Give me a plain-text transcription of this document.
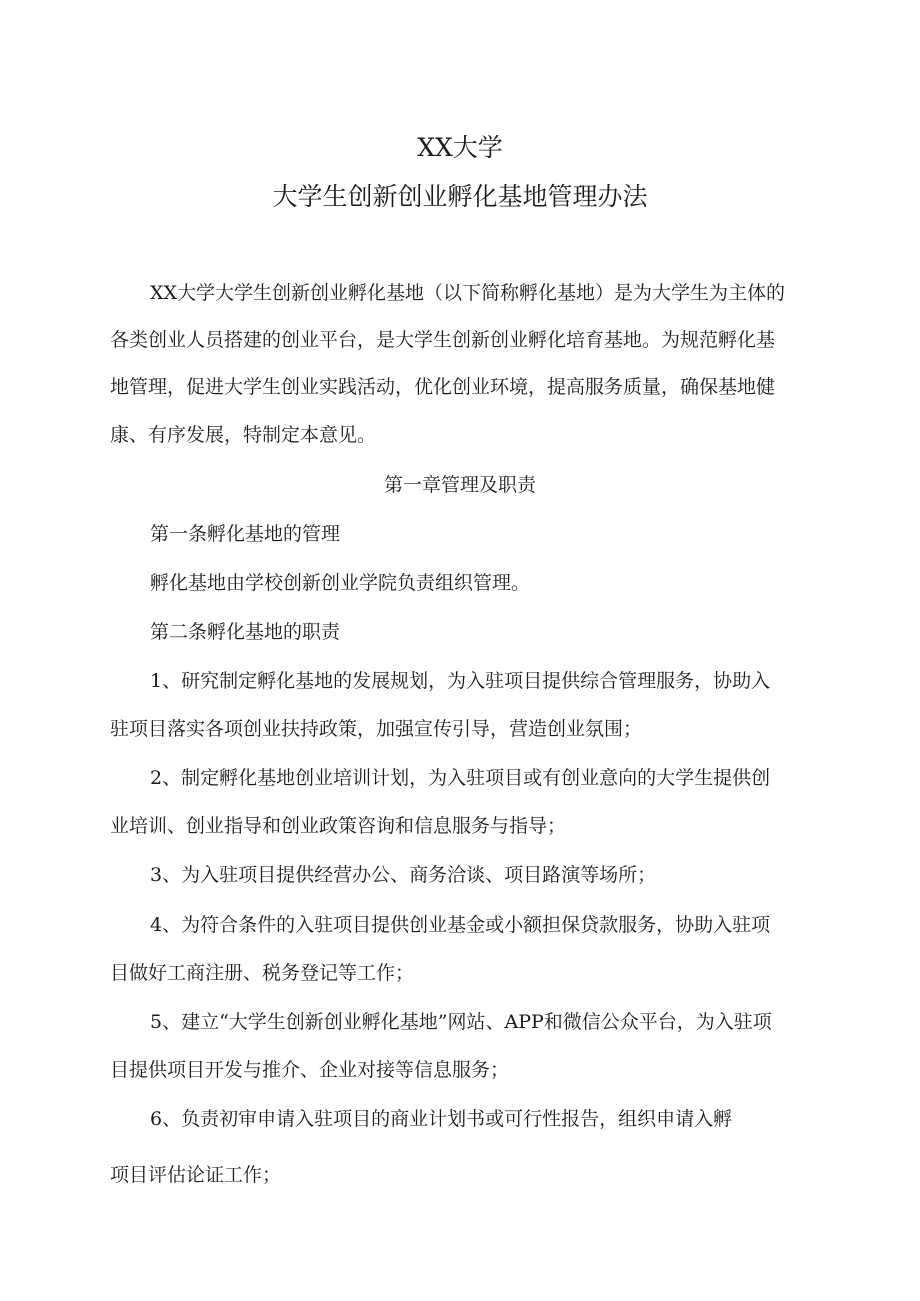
XX大学
大学生创新创业孵化基地管理办法

XX大学大学生创新创业孵化基地（以下简称孵化基地）是为大学生为主体的

各类创业人员搭建的创业平台，是大学生创新创业孵化培育基地。为规范孵化基

地管理，促进大学生创业实践活动，优化创业环境，提高服务质量，确保基地健

康、有序发展，特制定本意见。

第一章管理及职责

第一条孵化基地的管理

孵化基地由学校创新创业学院负责组织管理。

第二条孵化基地的职责

1、研究制定孵化基地的发展规划，为入驻项目提供综合管理服务，协助入

驻项目落实各项创业扶持政策，加强宣传引导，营造创业氛围；

2、制定孵化基地创业培训计划，为入驻项目或有创业意向的大学生提供创

业培训、创业指导和创业政策咨询和信息服务与指导；

3、为入驻项目提供经营办公、商务洽谈、项目路演等场所；

4、为符合条件的入驻项目提供创业基金或小额担保贷款服务，协助入驻项

目做好工商注册、税务登记等工作；

5、建立“大学生创新创业孵化基地”网站、APP和微信公众平台，为入驻项

目提供项目开发与推介、企业对接等信息服务；

6、负责初审申请入驻项目的商业计划书或可行性报告，组织申请入孵

项目评估论证工作；
